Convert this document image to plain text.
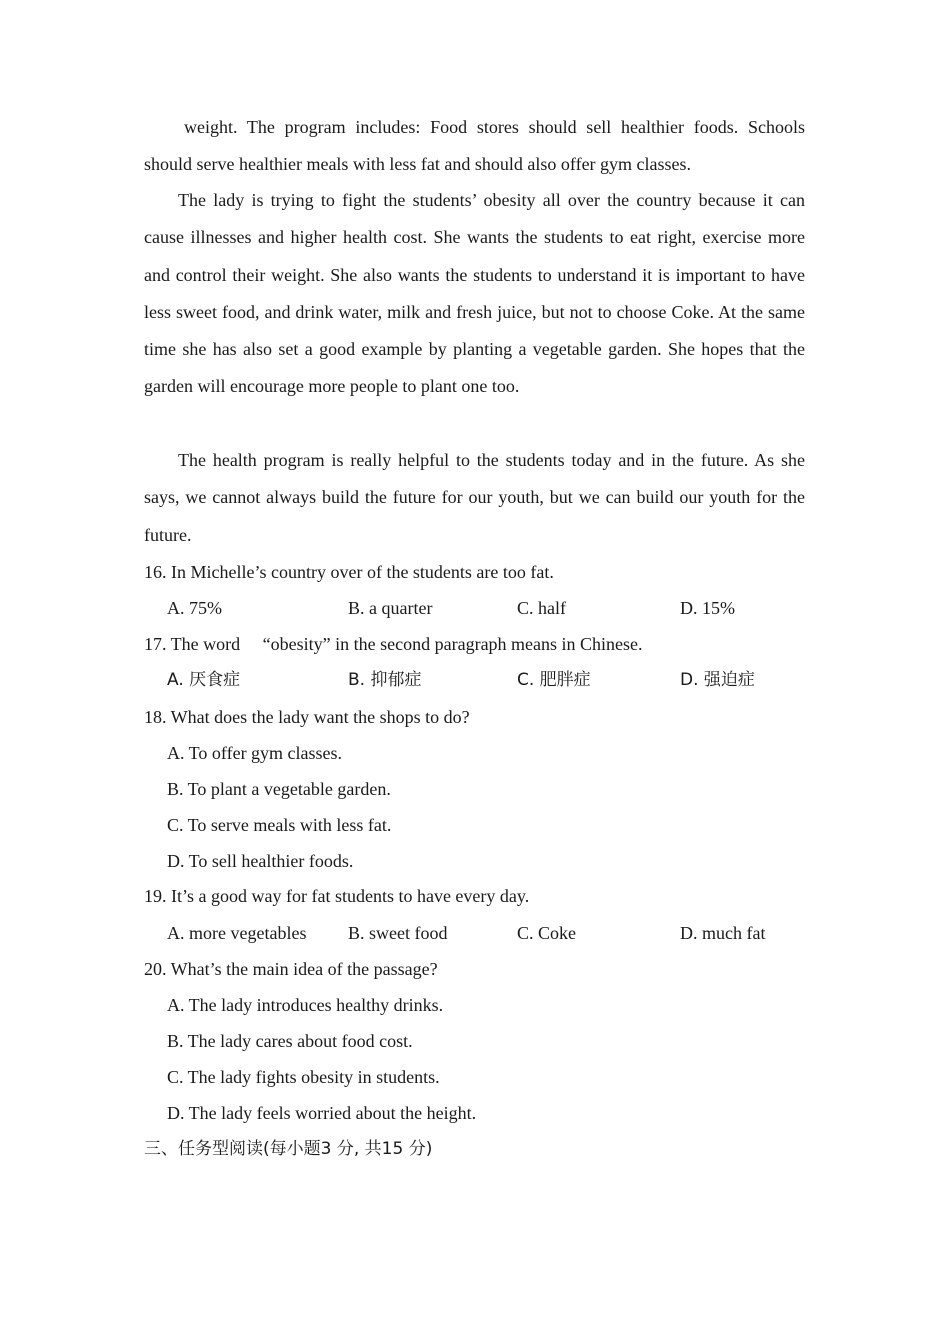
weight. The program includes: Food stores should sell healthier foods. Schools should serve healthier meals with less fat and should also offer gym classes.

The lady is trying to fight the students’ obesity all over the country because it can cause illnesses and higher health cost. She wants the students to eat right, exercise more and control their weight. She also wants the students to understand it is important to have less sweet food, and drink water, milk and fresh juice, but not to choose Coke. At the same time she has also set a good example by planting a vegetable garden. She hopes that the garden will encourage more people to plant one too.

The health program is really helpful to the students today and in the future. As she says, we cannot always build the future for our youth, but we can build our youth for the future.

16. In Michelle’s country over of the students are too fat.
A. 75%	B. a quarter	C. half	D. 15%
17. The word 　“obesity” in the second paragraph means in Chinese.
A. 厌食症	B. 抑郁症	C. 肥胖症	D. 强迫症
18. What does the lady want the shops to do?
A. To offer gym classes.
B. To plant a vegetable garden.
C. To serve meals with less fat.
D. To sell healthier foods.
19. It’s a good way for fat students to have every day.
A. more vegetables B. sweet food	C. Coke	D. much fat
20. What’s the main idea of the passage?
A. The lady introduces healthy drinks.
B. The lady cares about food cost.
C. The lady fights obesity in students.
D. The lady feels worried about the height.
三、任务型阅读(每小题3 分, 共15 分)
